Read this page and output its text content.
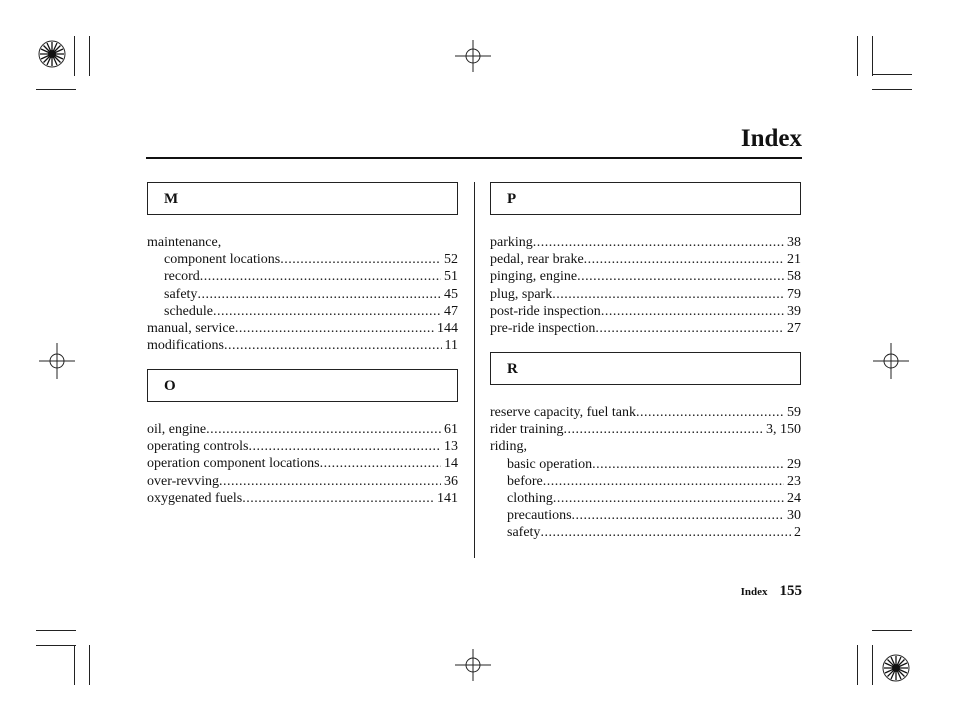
Index
M
maintenance,
component locations .....	52
record .....	51
safety .....	45
schedule .....	47
manual, service .....	144
modifications .....	11
O
oil, engine .....	61
operating controls .....	13
operation component locations .....	14
over-revving .....	36
oxygenated fuels .....	141
P
parking .....	38
pedal, rear brake .....	21
pinging, engine .....	58
plug, spark .....	79
post-ride inspection .....	39
pre-ride inspection .....	27
R
reserve capacity, fuel tank .....	59
rider training .....	3, 150
riding,
basic operation .....	29
before .....	23
clothing .....	24
precautions .....	30
safety .....	2
Index 155
